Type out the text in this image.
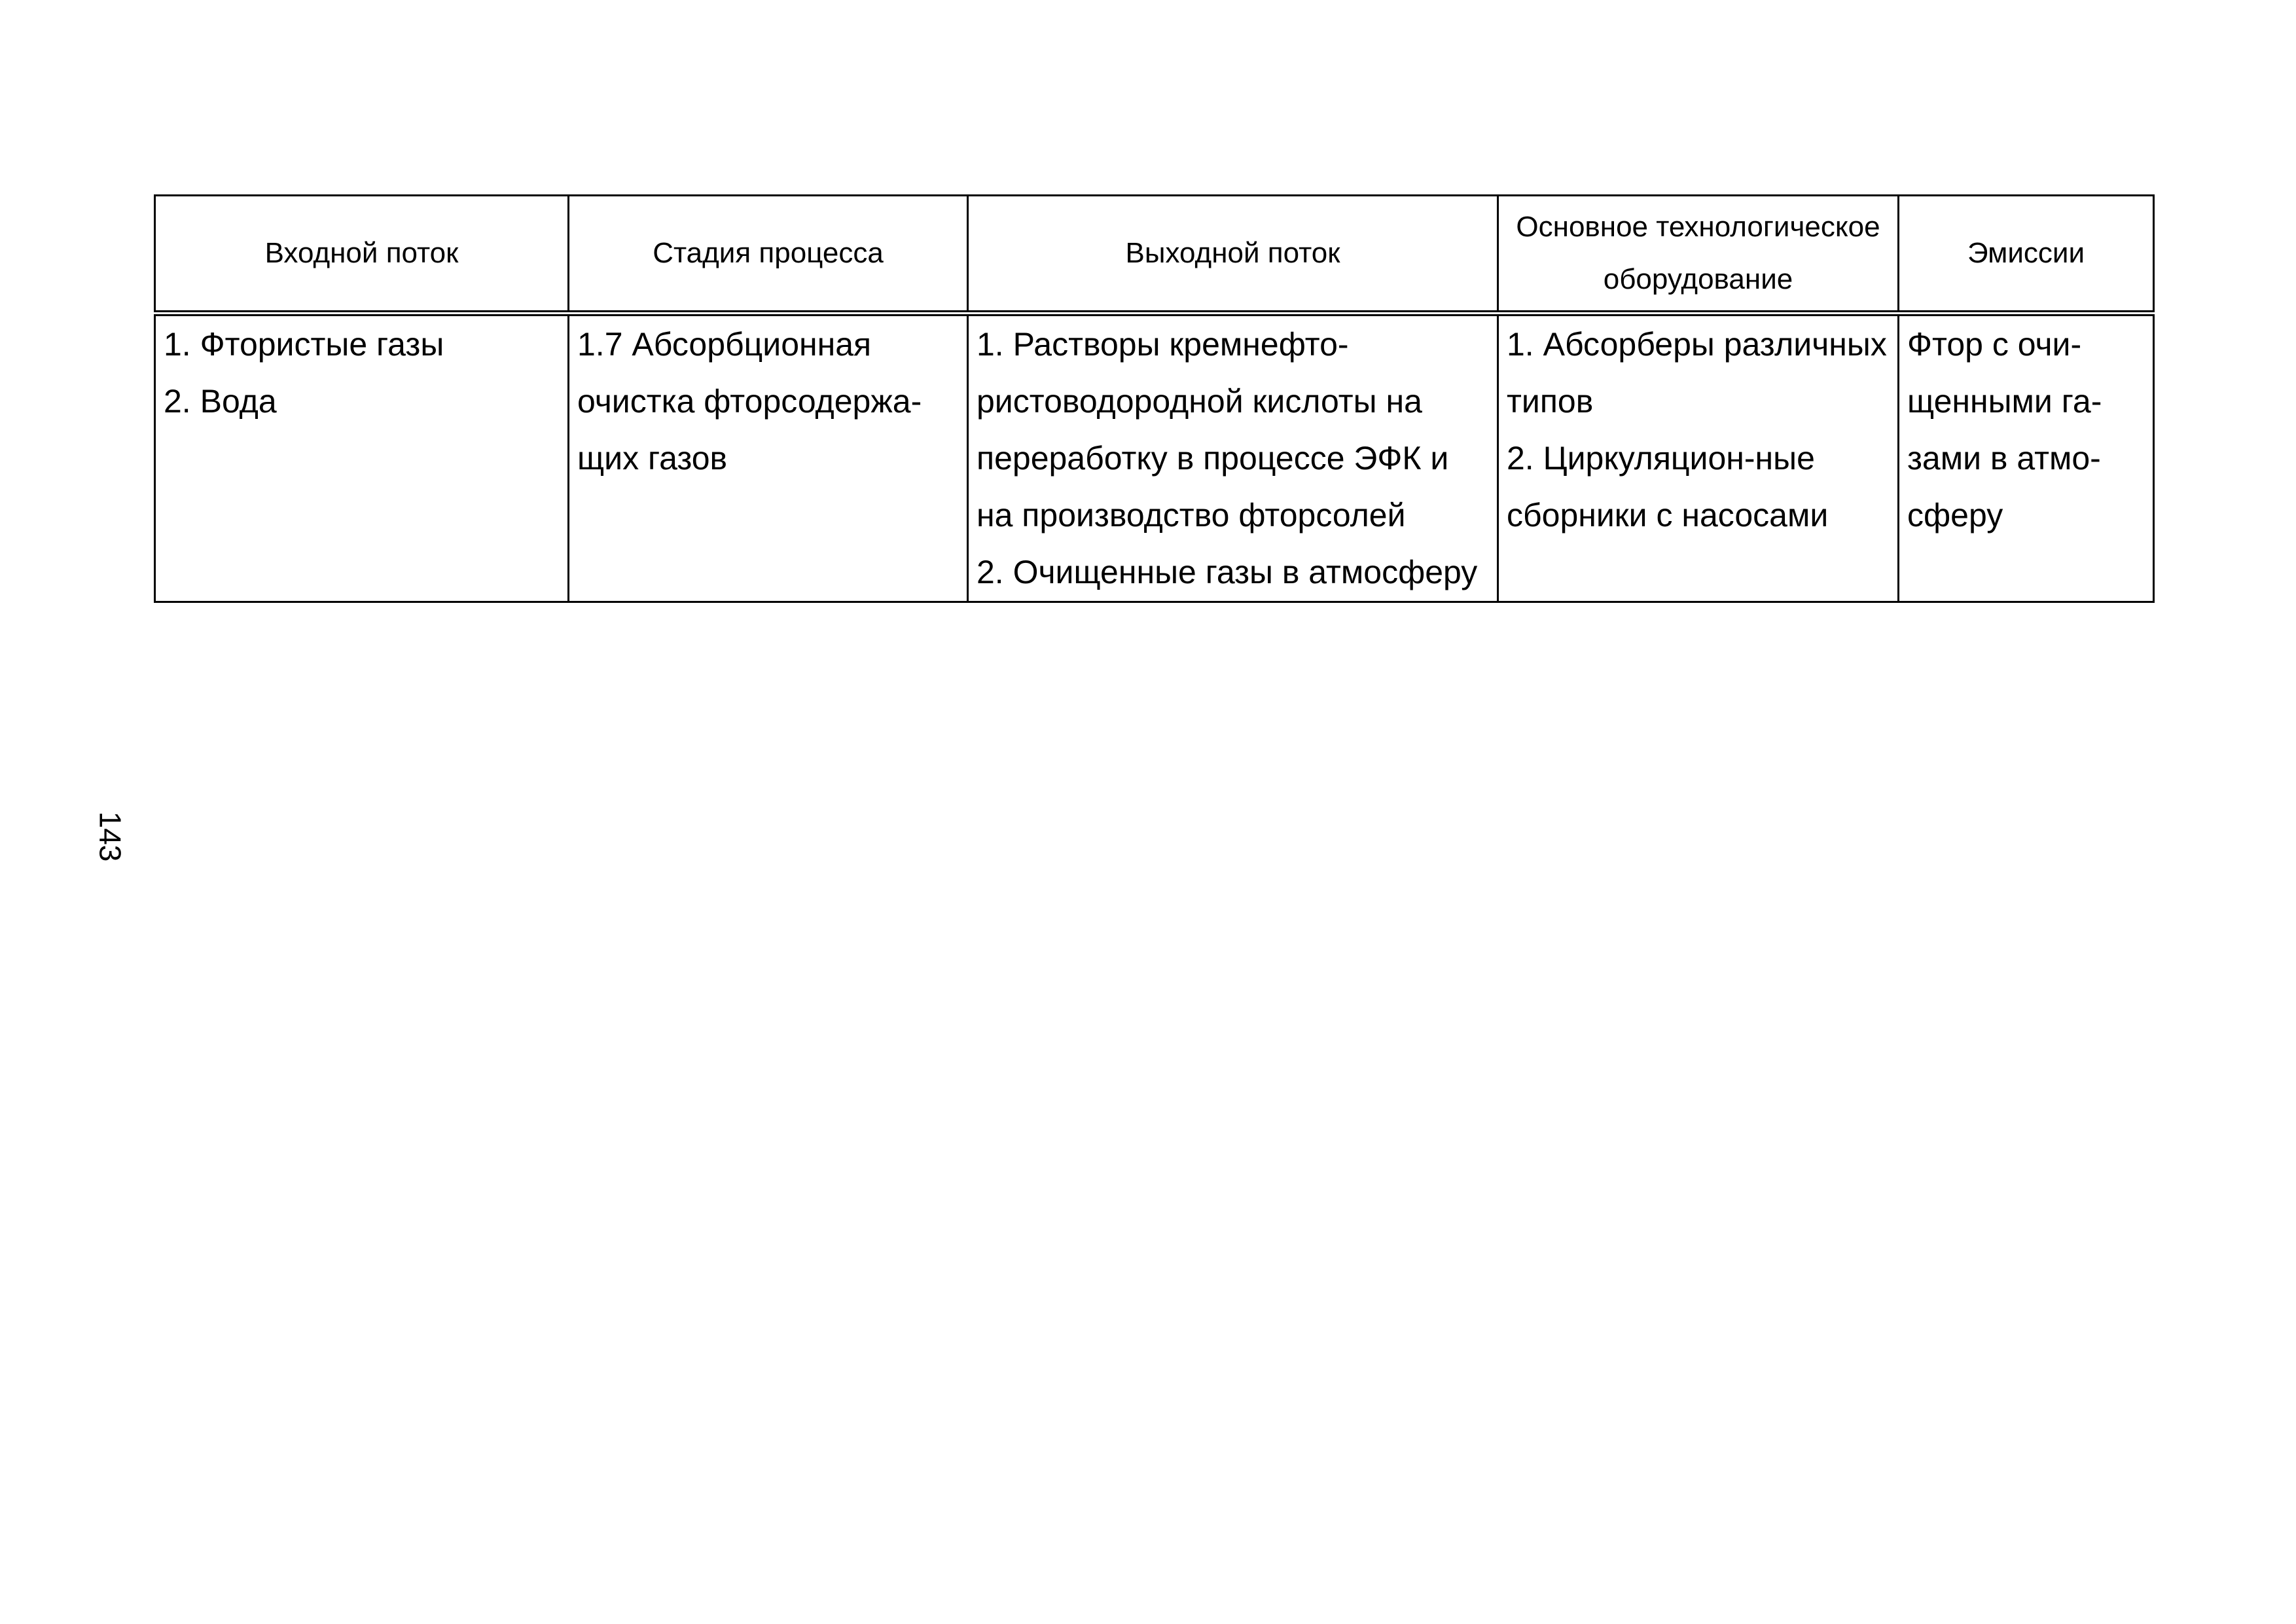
143
Входной поток	Стадия процесса	Выходной поток	Основное технологическое
оборудование	Эмиссии

1. Фтористые газы
2. Вода	1.7 Абсорбционная
очистка фторсодержа-
щих газов	1. Растворы кремнефто-
ристоводородной кислоты на
переработку в процессе ЭФК и
на производство фторсолей
2. Очищенные газы в атмосферу	1. Абсорберы различных
типов
2. Циркуляцион-ные
сборники с насосами	Фтор с очи-
щенными га-
зами в атмо-
сферу
